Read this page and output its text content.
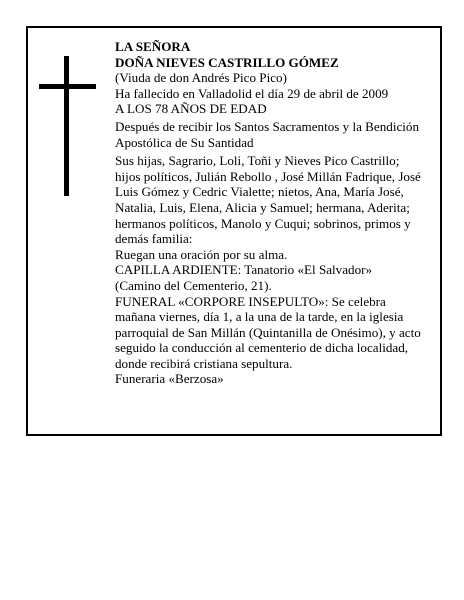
LA SEÑORA
DOÑA NIEVES CASTRILLO GÓMEZ
(Viuda de don Andrés Pico Pico)
Ha fallecido en Valladolid el día 29 de abril de 2009
A LOS 78 AÑOS DE EDAD
Después de recibir los Santos Sacramentos y la Bendición Apostólica de Su Santidad
Sus hijas, Sagrario, Loli, Toñi y Nieves Pico Castrillo; hijos políticos, Julián Rebollo , José Millán Fadrique, José Luis Gómez y Cedric Vialette; nietos, Ana, María José, Natalia, Luis, Elena, Alicia y Samuel; hermana, Aderita; hermanos políticos, Manolo y Cuqui; sobrinos, primos y demás familia:
Ruegan una oración por su alma.
CAPILLA ARDIENTE: Tanatorio «El Salvador»
(Camino del Cementerio, 21).
FUNERAL «CORPORE INSEPULTO»: Se celebra mañana viernes, día 1, a la una de la tarde, en la iglesia parroquial de San Millán (Quintanilla de Onésimo), y acto seguido la conducción al cementerio de dicha localidad, donde recibirá cristiana sepultura.
Funeraria «Berzosa»
